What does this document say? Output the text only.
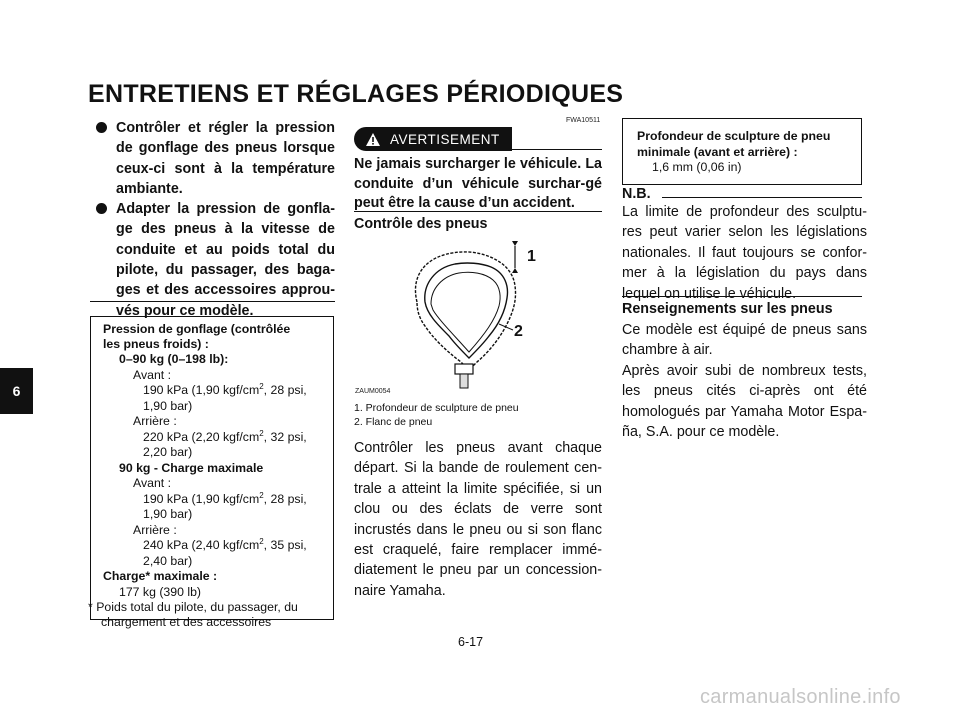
ENTRETIENS ET RÉGLAGES PÉRIODIQUES
6
Contrôler et régler la pression de gonflage des pneus lorsque ceux-ci sont à la température ambiante.
Adapter la pression de gonfla-ge des pneus à la vitesse de conduite et au poids total du pilote, du passager, des baga-ges et des accessoires approu-vés pour ce modèle.
Pression de gonflage (contrôlée
les pneus froids) :
0–90 kg (0–198 lb):
Avant :
190 kPa (1,90 kgf/$cm^2$, 28 psi,
1,90 bar)
Arrière :
220 kPa (2,20 kgf/$cm^2$, 32 psi,
2,20 bar)
90 kg - Charge maximale
Avant :
190 kPa (1,90 kgf/$cm^2$, 28 psi,
1,90 bar)
Arrière :
240 kPa (2,40 kgf/$cm^2$, 35 psi,
2,40 bar)
Charge* maximale :
177 kg (390 lb)
* Poids total du pilote, du passager, du
chargement et des accessoires
FWA10511
AVERTISEMENT
Ne jamais surcharger le véhicule. La conduite d’un véhicule surchar-gé peut être la cause d’un accident.
Contrôle des pneus
1
2
ZAUM0054
1. Profondeur de sculpture de pneu
2. Flanc de pneu

Contrôler les pneus avant chaque départ. Si la bande de roulement cen-trale a atteint la limite spécifiée, si un clou ou des éclats de verre sont incrustés dans le pneu ou si son flanc est craquelé, faire remplacer immé-diatement le pneu par un concession-naire Yamaha.

Profondeur de sculpture de pneu
minimale (avant et arrière) :
1,6 mm (0,06 in)
N.B.

La limite de profondeur des sculptu-res peut varier selon les législations nationales. Il faut toujours se confor-mer à la législation du pays dans lequel on utilise le véhicule.

Renseignements sur les pneus

Ce modèle est équipé de pneus sans chambre à air.

Après avoir subi de nombreux tests, les pneus cités ci-après ont été homologués par Yamaha Motor Espa-ña, S.A. pour ce modèle.

6-17
carmanualsonline.info
